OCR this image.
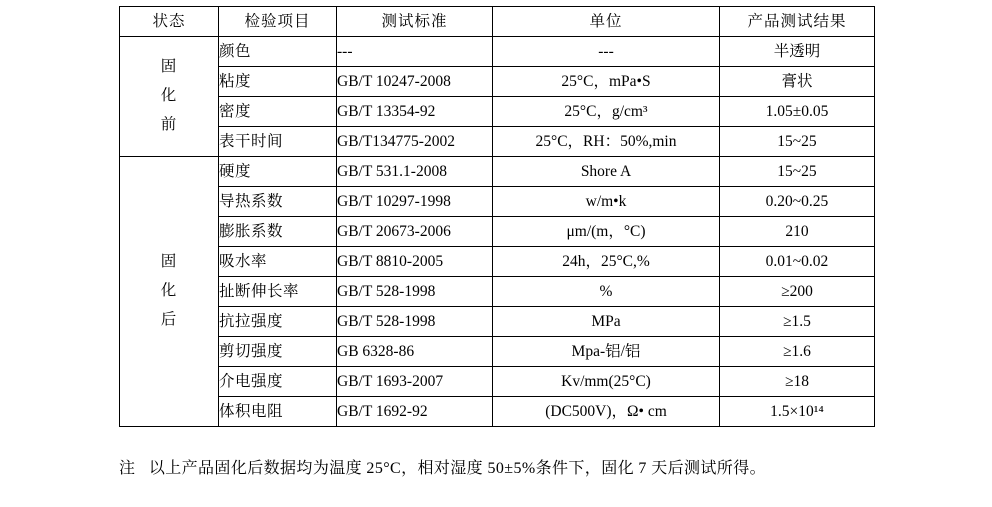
状态	检验项目	测试标准	单位	产品测试结果

固
化
前	颜色	---	---	半透明
	粘度	GB/T 10247-2008	25°C，mPa•S	膏状
	密度	GB/T 13354-92	25°C，g/cm³	1.05±0.05
	表干时间	GB/T134775-2002	25°C，RH：50%,min	15~25

固
化
后	硬度	GB/T 531.1-2008	Shore A	15~25
	导热系数	GB/T 10297-1998	w/m•k	0.20~0.25
	膨胀系数	GB/T 20673-2006	μm/(m，°C)	210
	吸水率	GB/T 8810-2005	24h，25°C,%	0.01~0.02
	扯断伸长率	GB/T 528-1998	%	≥200
	抗拉强度	GB/T 528-1998	MPa	≥1.5
	剪切强度	GB 6328-86	Mpa-铝/铝	≥1.6
	介电强度	GB/T 1693-2007	Kv/mm(25°C)	≥18
	体积电阻	GB/T 1692-92	(DC500V)，Ω• cm	1.5×10¹⁴
注 以上产品固化后数据均为温度 25°C，相对湿度 50±5%条件下，固化 7 天后测试所得。
